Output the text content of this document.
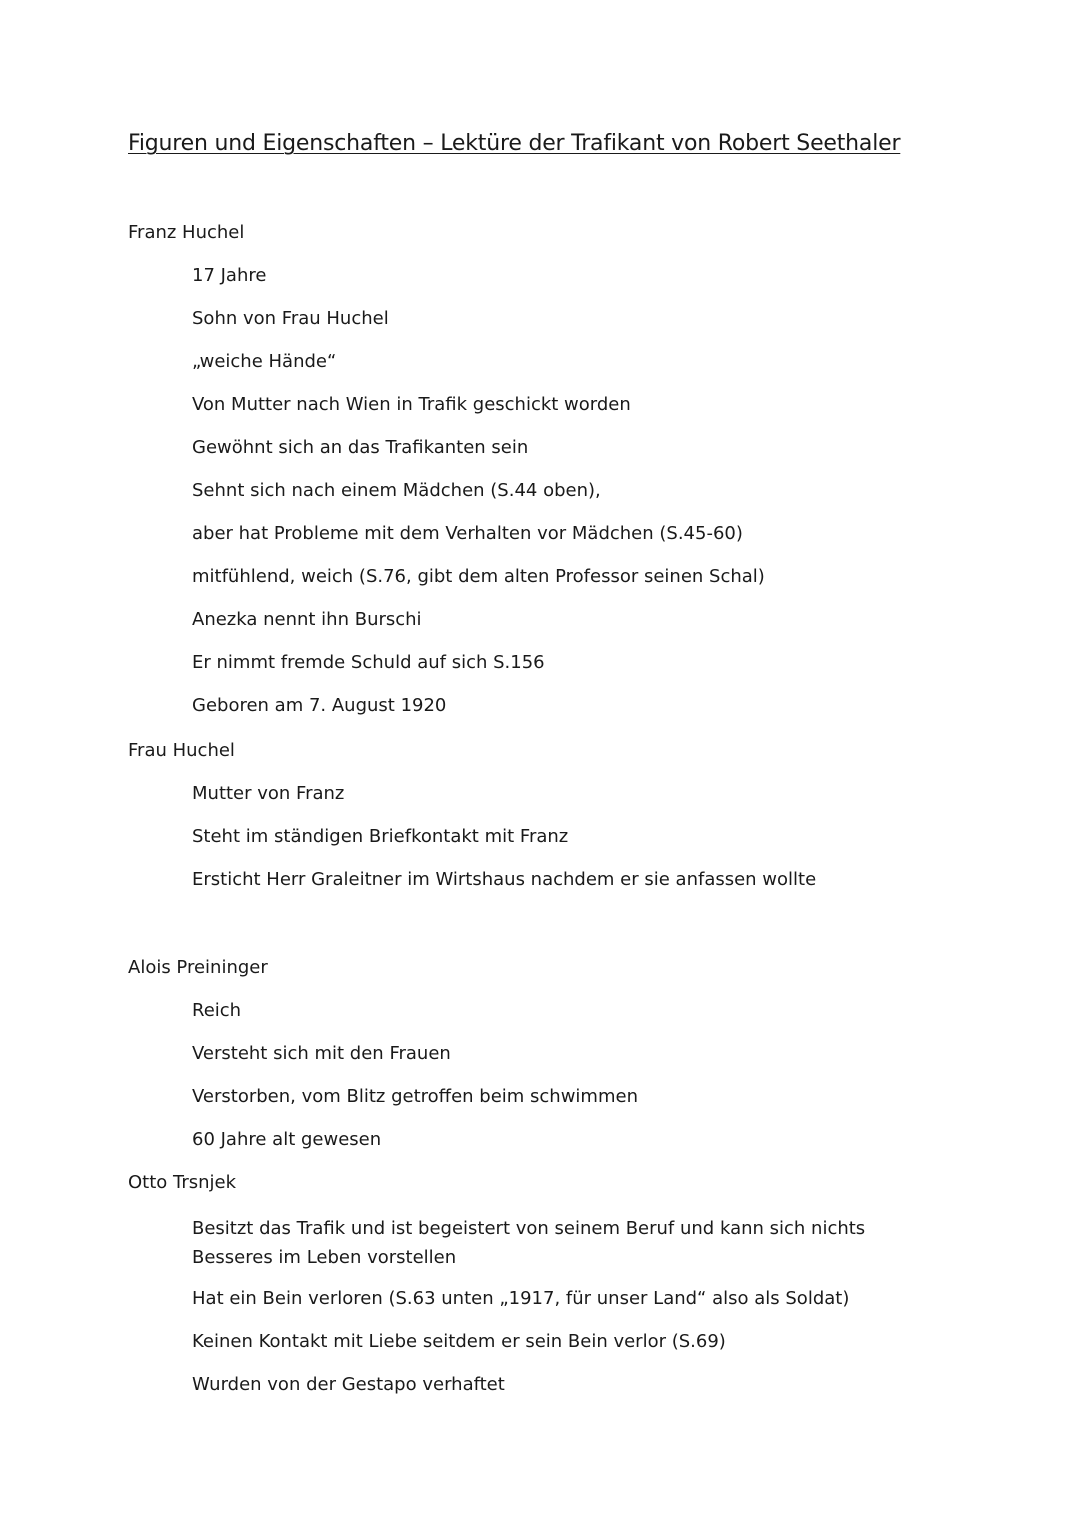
Figuren und Eigenschaften – Lektüre der Trafikant von Robert Seethaler

Franz Huchel

17 Jahre
Sohn von Frau Huchel
„weiche Hände“
Von Mutter nach Wien in Trafik geschickt worden
Gewöhnt sich an das Trafikanten sein
Sehnt sich nach einem Mädchen (S.44 oben),
aber hat Probleme mit dem Verhalten vor Mädchen (S.45-60)
mitfühlend, weich (S.76, gibt dem alten Professor seinen Schal)
Anezka nennt ihn Burschi
Er nimmt fremde Schuld auf sich S.156
Geboren am 7. August 1920

Frau Huchel

Mutter von Franz
Steht im ständigen Briefkontakt mit Franz
Ersticht Herr Graleitner im Wirtshaus nachdem er sie anfassen wollte

Alois Preininger

Reich
Versteht sich mit den Frauen
Verstorben, vom Blitz getroffen beim schwimmen
60 Jahre alt gewesen

Otto Trsnjek

Besitzt das Trafik und ist begeistert von seinem Beruf und kann sich nichts Besseres im Leben vorstellen
Hat ein Bein verloren (S.63 unten „1917, für unser Land“ also als Soldat)
Keinen Kontakt mit Liebe seitdem er sein Bein verlor (S.69)
Wurden von der Gestapo verhaftet
